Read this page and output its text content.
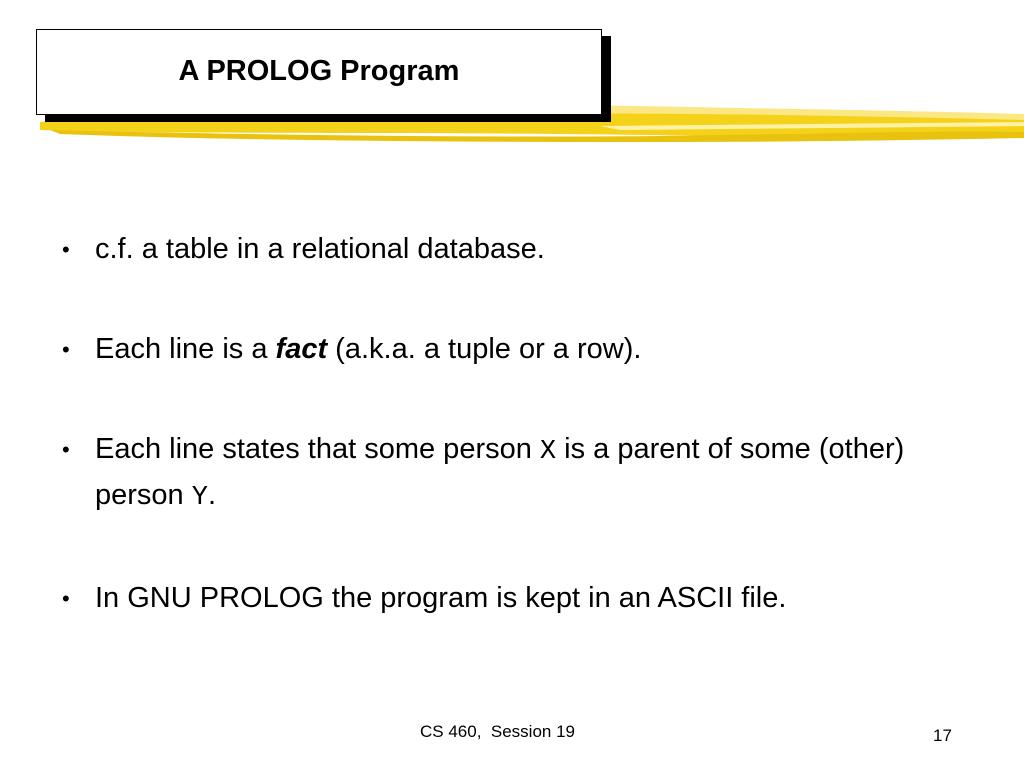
A PROLOG Program
• c.f. a table in a relational database.
• Each line is a fact (a.k.a. a tuple or a row).
• Each line states that some person X is a parent of some (other) person Y.
• In GNU PROLOG the program is kept in an ASCII file.
CS 460,  Session 19	17
